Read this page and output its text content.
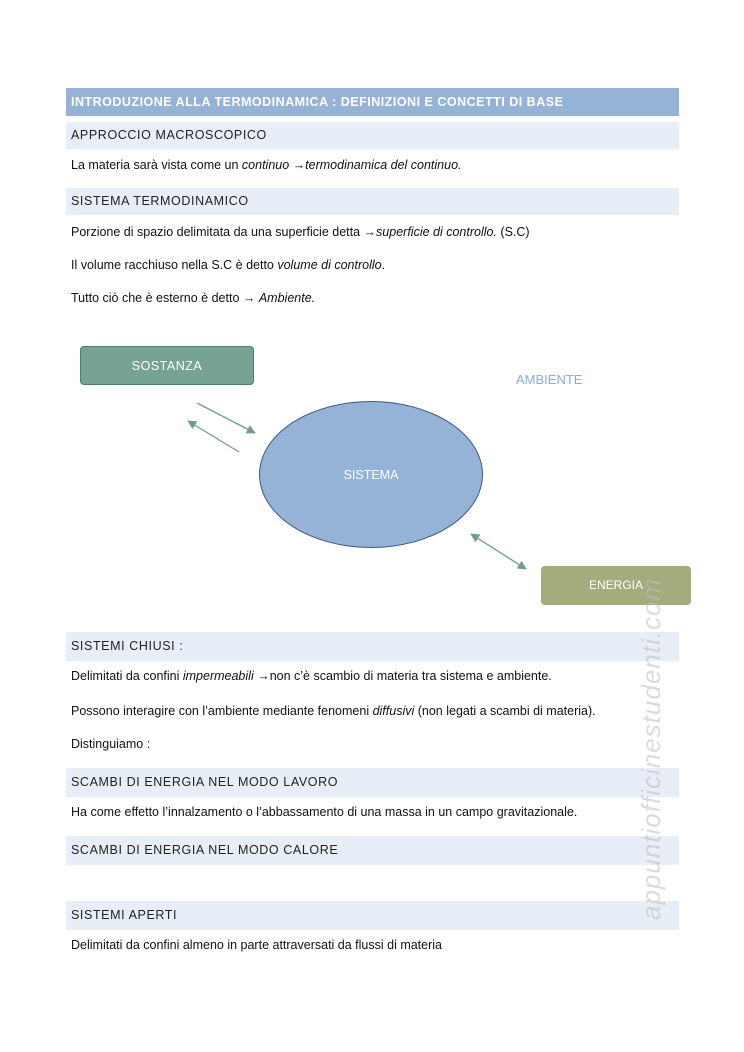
INTRODUZIONE ALLA TERMODINAMICA : DEFINIZIONI E CONCETTI DI BASE
APPROCCIO MACROSCOPICO
La materia sarà vista come un continuo →termodinamica del continuo.
SISTEMA TERMODINAMICO
Porzione di spazio delimitata da una superficie detta →superficie di controllo. (S.C)
Il volume racchiuso nella S.C è detto volume di controllo.
Tutto ciò che è esterno è detto → Ambiente.
SOSTANZA
AMBIENTE
SISTEMA
ENERGIA
SISTEMI CHIUSI :
Delimitati da confini impermeabili →non c’è scambio di materia tra sistema e ambiente.
Possono interagire con l’ambiente mediante fenomeni diffusivi (non legati a scambi di materia).
Distinguiamo :
SCAMBI DI ENERGIA NEL MODO LAVORO
Ha come effetto l’innalzamento o l’abbassamento di una massa in un campo gravitazionale.
SCAMBI DI ENERGIA NEL MODO CALORE
SISTEMI APERTI
Delimitati da confini almeno in parte attraversati da flussi di materia
appuntiofficinestudenti.com
